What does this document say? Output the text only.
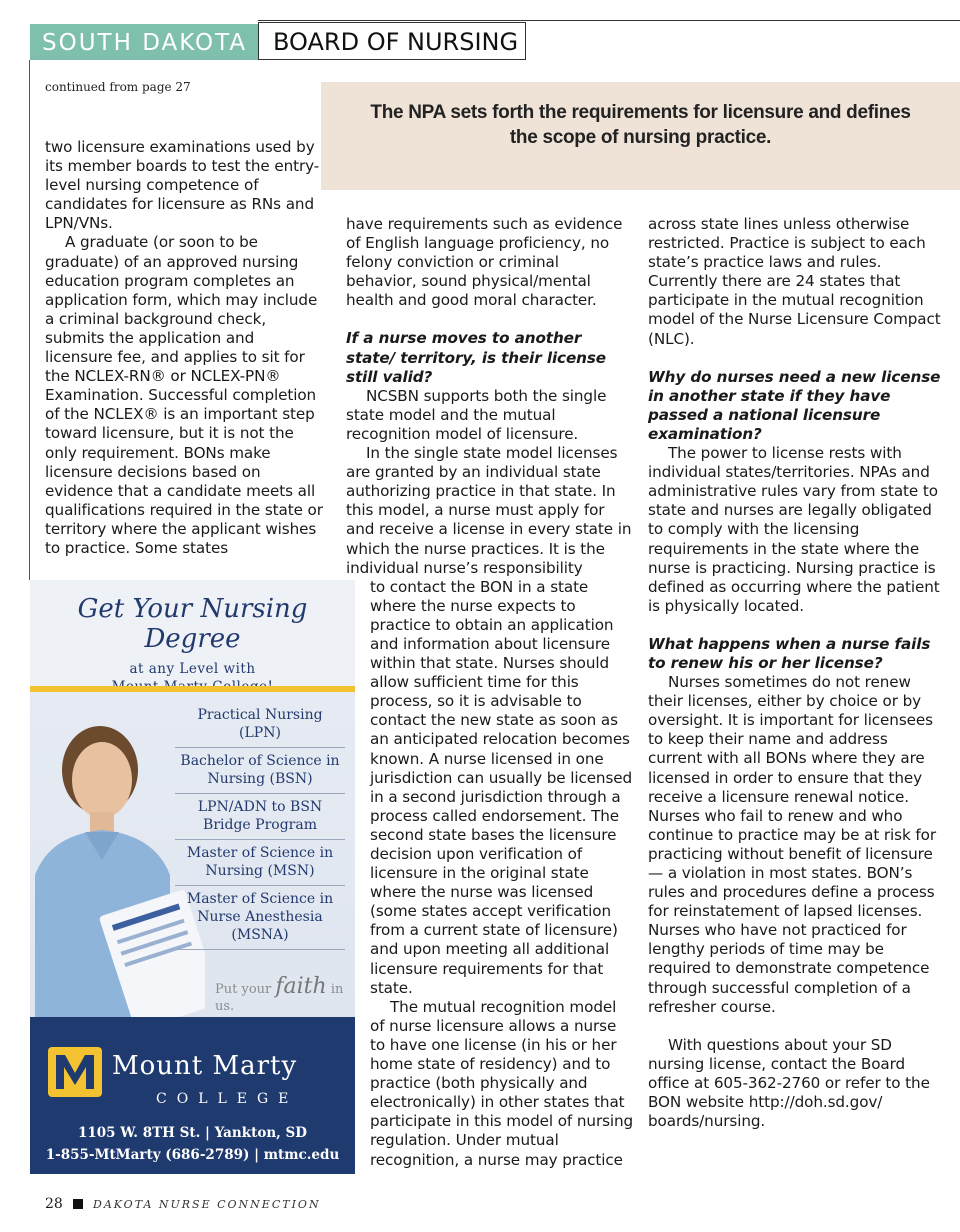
SOUTH DAKOTA	BOARD OF NURSING
continued from page 27
The NPA sets forth the requirements for licensure and defines the scope of nursing practice.

two licensure examinations used by its member boards to test the entry-level nursing competence of candidates for licensure as RNs and LPN/VNs.

A graduate (or soon to be graduate) of an approved nursing education program completes an application form, which may include a criminal background check, submits the application and licensure fee, and applies to sit for the NCLEX-RN® or NCLEX-PN® Examination. Successful completion of the NCLEX® is an important step toward licensure, but it is not the only requirement. BONs make licensure decisions based on evidence that a candidate meets all qualifications required in the state or territory where the applicant wishes to practice. Some states

have requirements such as evidence of English language proficiency, no felony conviction or criminal behavior, sound physical/mental health and good moral character.

If a nurse moves to another state/ territory, is their license still valid?

NCSBN supports both the single state model and the mutual recognition model of licensure.

In the single state model licenses are granted by an individual state authorizing practice in that state. In this model, a nurse must apply for and receive a license in every state in which the nurse practices. It is the individual nurse’s responsibility

to contact the BON in a state where the nurse expects to practice to obtain an application and information about licensure within that state. Nurses should allow sufficient time for this process, so it is advisable to contact the new state as soon as an anticipated relocation becomes known. A nurse licensed in one jurisdiction can usually be licensed in a second jurisdiction through a process called endorsement. The second state bases the licensure decision upon verification of licensure in the original state where the nurse was licensed (some states accept verification from a current state of licensure) and upon meeting all additional licensure requirements for that state.

The mutual recognition model of nurse licensure allows a nurse to have one license (in his or her home state of residency) and to practice (both physically and electronically) in other states that participate in this model of nursing regulation. Under mutual recognition, a nurse may practice

across state lines unless otherwise restricted. Practice is subject to each state’s practice laws and rules. Currently there are 24 states that participate in the mutual recognition model of the Nurse Licensure Compact (NLC).

Why do nurses need a new license in another state if they have passed a national licensure examination?

The power to license rests with individual states/territories. NPAs and administrative rules vary from state to state and nurses are legally obligated to comply with the licensing requirements in the state where the nurse is practicing. Nursing practice is defined as occurring where the patient is physically located.

What happens when a nurse fails to renew his or her license?

Nurses sometimes do not renew their licenses, either by choice or by oversight. It is important for licensees to keep their name and address current with all BONs where they are licensed in order to ensure that they receive a licensure renewal notice. Nurses who fail to renew and who continue to practice may be at risk for practicing without benefit of licensure — a violation in most states. BON’s rules and procedures define a process for reinstatement of lapsed licenses. Nurses who have not practiced for lengthy periods of time may be required to demonstrate competence through successful completion of a refresher course.

With questions about your SD nursing license, contact the Board office at 605-362-2760 or refer to the BON website http://doh.sd.gov/ boards/nursing.

Get Your Nursing Degree
at any Level with
Practical Nursing (LPN)
Bachelor of Science in Nursing (BSN)
LPN/ADN to BSN Bridge Program
Master of Science in Nursing (MSN)
Master of Science in Nurse Anesthesia (MSNA)
Put your faith in us.
Mount Marty
COLLEGE
1105 W. 8TH St. | Yankton, SD
1-855-MtMarty (686-2789) | mtmc.edu
28	DAKOTA NURSE CONNECTION
